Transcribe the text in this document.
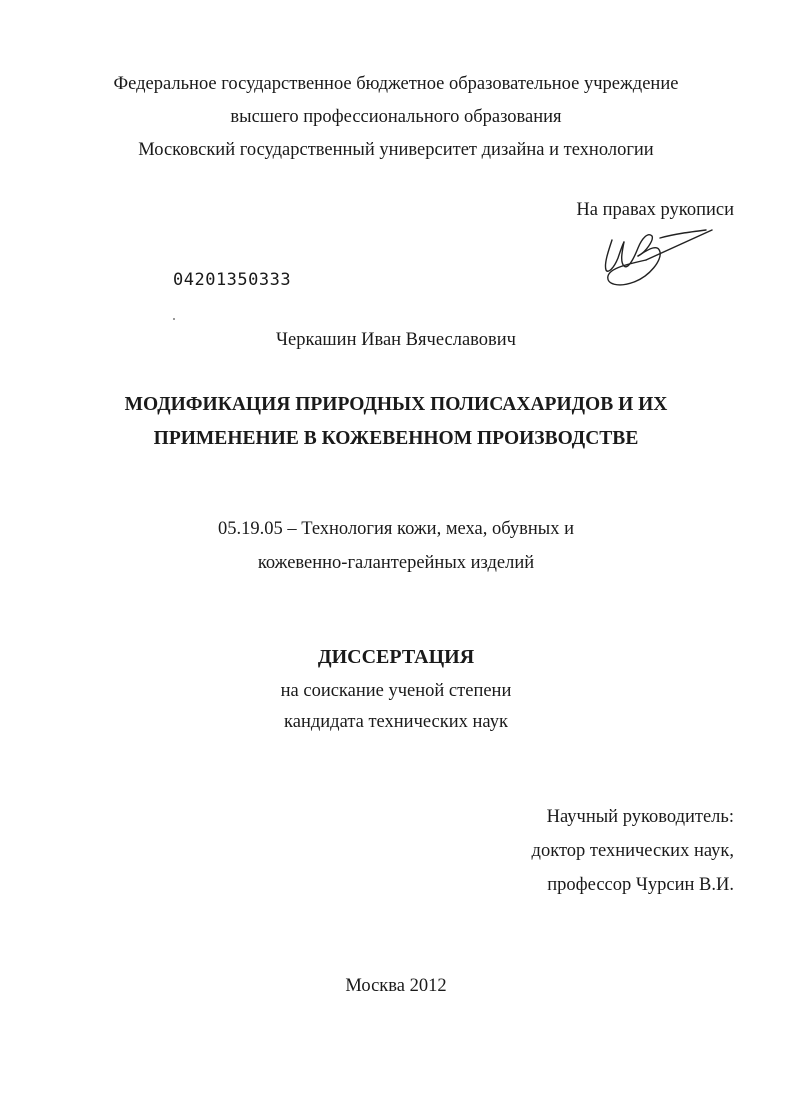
Федеральное государственное бюджетное образовательное учреждение
высшего профессионального образования
Московский государственный университет дизайна и технологии
На правах рукописи
04201350333
Черкашин Иван Вячеславович
МОДИФИКАЦИЯ ПРИРОДНЫХ ПОЛИСАХАРИДОВ И ИХ
ПРИМЕНЕНИЕ В КОЖЕВЕННОМ ПРОИЗВОДСТВЕ
05.19.05 – Технология кожи, меха, обувных и
кожевенно-галантерейных изделий
ДИССЕРТАЦИЯ
на соискание ученой степени
кандидата технических наук
Научный руководитель:
доктор технических наук,
профессор Чурсин В.И.
Москва 2012
